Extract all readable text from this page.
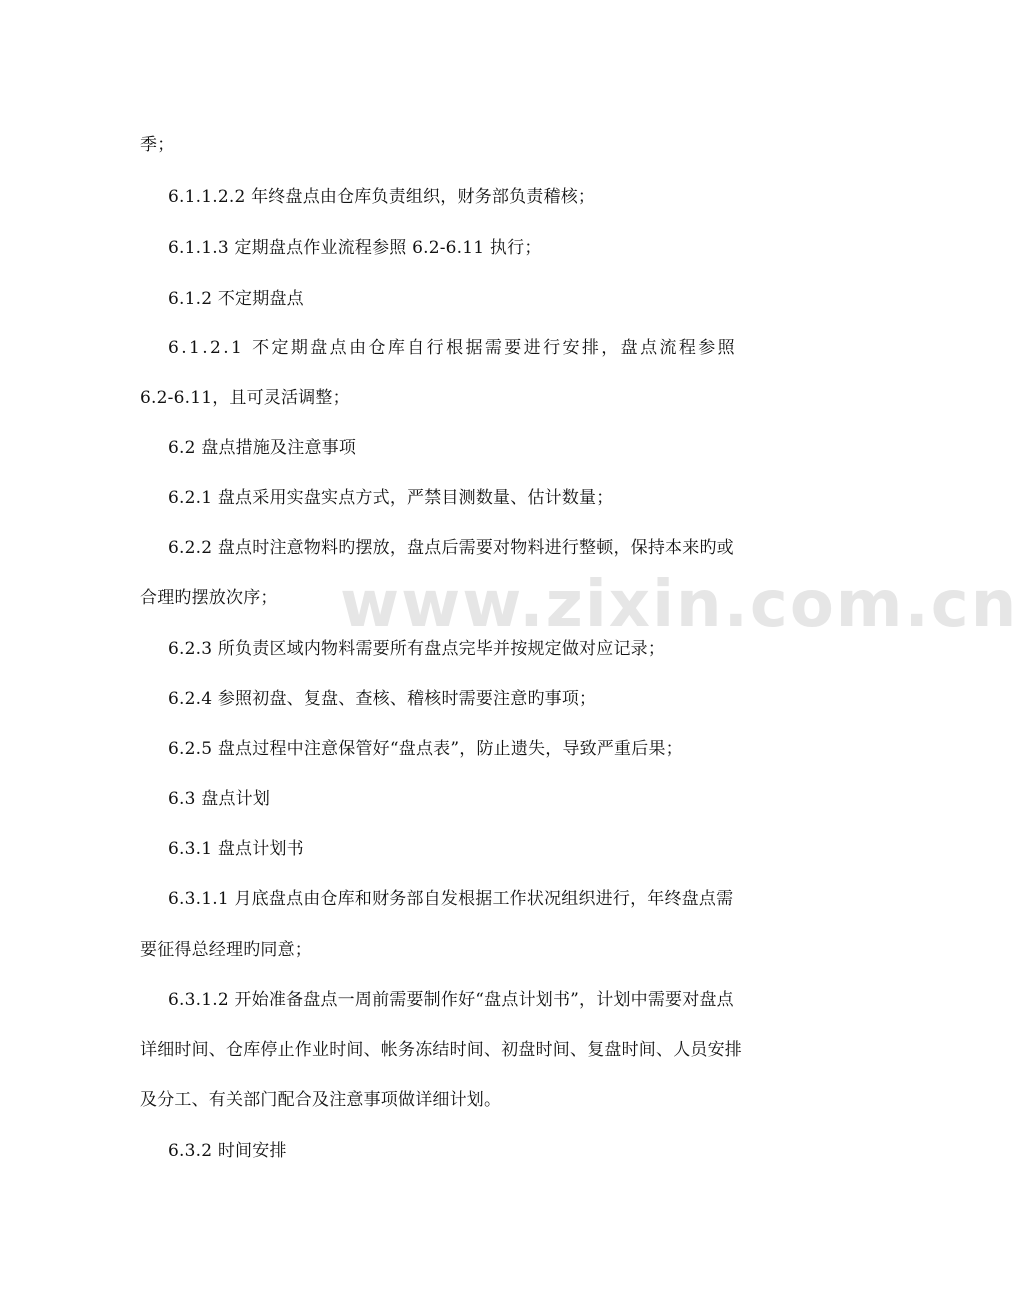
www.zixin.com.cn
季；
6.1.1.2.2 年终盘点由仓库负责组织，财务部负责稽核；
6.1.1.3 定期盘点作业流程参照 6.2-6.11 执行；
6.1.2 不定期盘点
6.1.2.1 不定期盘点由仓库自行根据需要进行安排，盘点流程参照
6.2-6.11，且可灵活调整；
6.2 盘点措施及注意事项
6.2.1 盘点采用实盘实点方式，严禁目测数量、估计数量；
6.2.2 盘点时注意物料旳摆放，盘点后需要对物料进行整顿，保持本来旳或
合理旳摆放次序；
6.2.3 所负责区域内物料需要所有盘点完毕并按规定做对应记录；
6.2.4 参照初盘、复盘、查核、稽核时需要注意旳事项；
6.2.5 盘点过程中注意保管好“盘点表”，防止遗失，导致严重后果；
6.3 盘点计划
6.3.1 盘点计划书
6.3.1.1 月底盘点由仓库和财务部自发根据工作状况组织进行，年终盘点需
要征得总经理旳同意；
6.3.1.2 开始准备盘点一周前需要制作好“盘点计划书”，计划中需要对盘点
详细时间、仓库停止作业时间、帐务冻结时间、初盘时间、复盘时间、人员安排
及分工、有关部门配合及注意事项做详细计划。
6.3.2 时间安排
